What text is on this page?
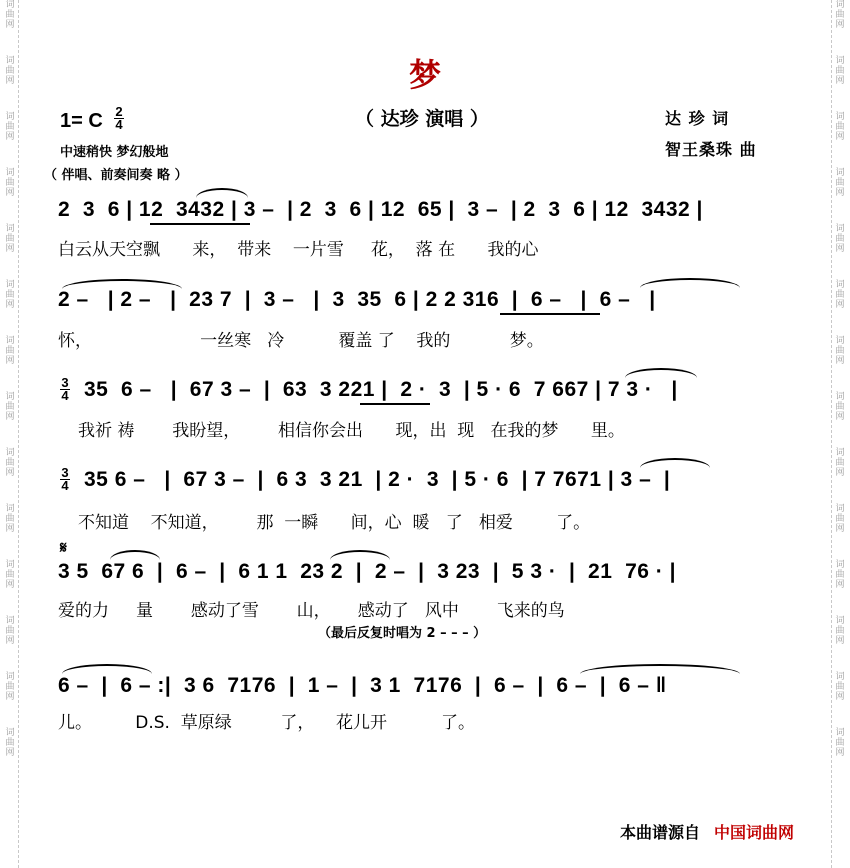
词
曲
网
词
曲
网
词
曲
网
词
曲
网
词
曲
网
词
曲
网
词
曲
网
词
曲
网
词
曲
网
词
曲
网
词
曲
网
词
曲
网
词
曲
网
词
曲
网
词
曲
网
词
曲
网
词
曲
网
词
曲
网
词
曲
网
词
曲
网
词
曲
网
词
曲
网
词
曲
网
词
曲
网
词
曲
网
词
曲
网
词
曲
网
词
曲
网
梦
1= C 2
4	（ 达珍 演唱 ）	达 珍 词
智王桑珠 曲
中速稍快 梦幻般地
（ 伴唱、前奏间奏 略 ）
2  3  6 | 12  3432 | 3 –  | 2  3  6 | 12  65 |  3 –  | 2  3  6 | 12  3432 |
白云从天空飘      来，  带来    一片雪     花，  落 在      我的心
2 –   | 2 –   |  23 7  |  3 –   |  3  35  6 | 2 2 316  |  6 –   |  6 –   |
怀，                    一丝寒   冷          覆盖 了    我的           梦。
3
4 35  6 –   |  67 3 –  |  63  3 221 |  2 ·  3  | 5 · 6  7 667 | 7 3 ·   |
我祈 祷       我盼望，       相信你会出      现，出  现   在我的梦      里。
3
4 35 6 –   |  67 3 –  |  6 3  3 21  | 2 ·  3  | 5 · 6  | 7 7671 | 3 –  |
不知道    不知道，       那  一瞬      间，心  暖   了   相爱        了。
𝄋
3 5  67 6  |  6 –  |  6 1 1  23 2  |  2 –  |  3 23  |  5 3 ·  |  21  76 · |
爱的力     量       感动了雪       山，     感动了   风中       飞来的鸟
（最后反复时唱为 2 – – – ）
6 –  |  6 – :|  3 6  7176  |  1 –  |  3 1  7176  |  6 –  |  6 –  |  6 – ‖
儿。        D.S.  草原绿         了，    花儿开          了。
本曲谱源自 中国词曲网
